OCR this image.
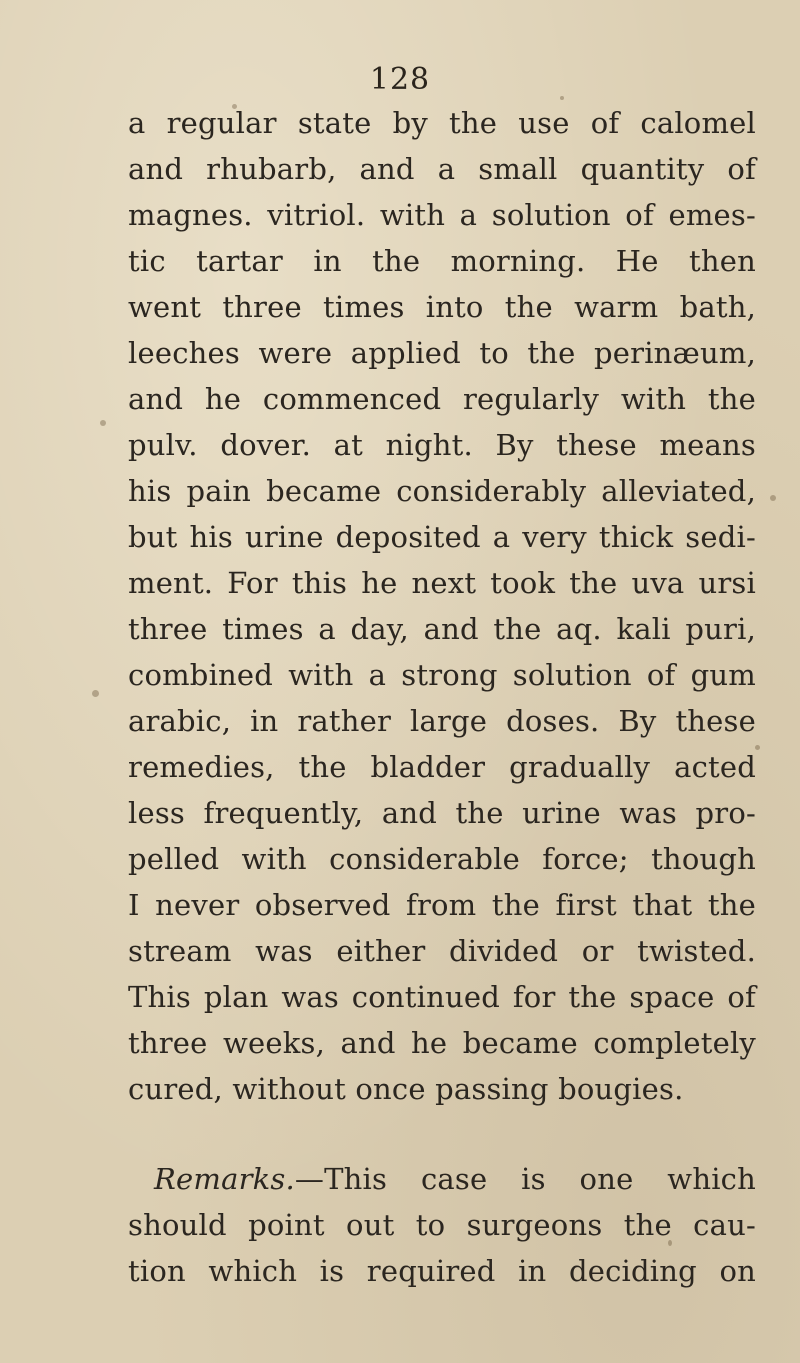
128
a regular state by the use of calomel
and rhubarb, and a small quantity of
magnes. vitriol. with a solution of emes-
tic tartar in the morning. He then
went three times into the warm bath,
leeches were applied to the perinæum,
and he commenced regularly with the
pulv. dover. at night. By these means
his pain became considerably alleviated,
but his urine deposited a very thick sedi-
ment. For this he next took the uva ursi
three times a day, and the aq. kali puri,
combined with a strong solution of gum
arabic, in rather large doses. By these
remedies, the bladder gradually acted
less frequently, and the urine was pro-
pelled with considerable force; though
I never observed from the first that the
stream was either divided or twisted.
This plan was continued for the space of
three weeks, and he became completely
cured, without once passing bougies.
Remarks.—This case is one which
should point out to surgeons the cau-
tion which is required in deciding on
